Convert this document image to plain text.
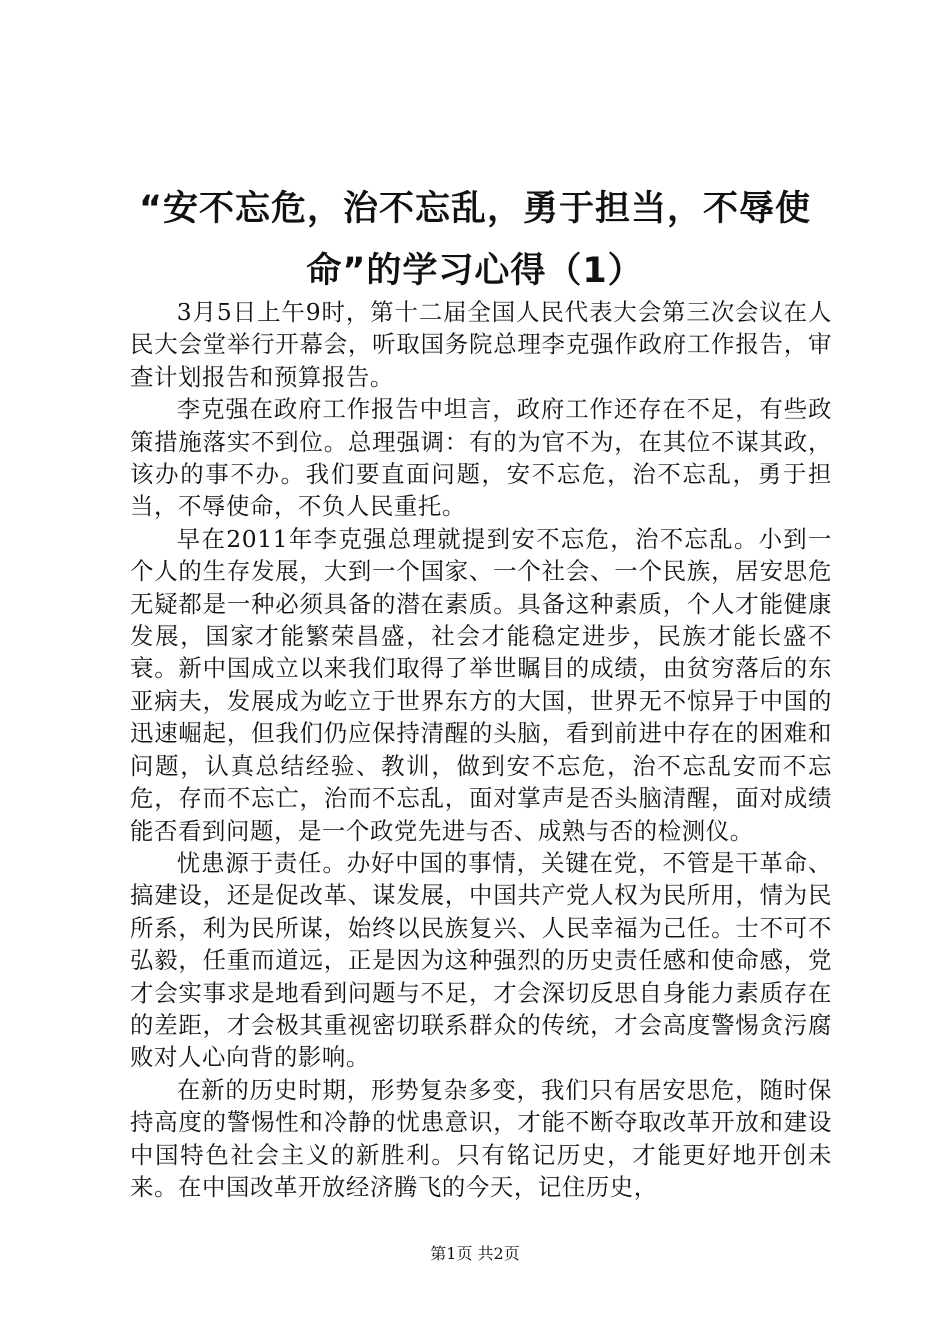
“安不忘危，治不忘乱，勇于担当，不辱使命”的学习心得（1）

3月5日上午9时，第十二届全国人民代表大会第三次会议在人民大会堂举行开幕会，听取国务院总理李克强作政府工作报告，审查计划报告和预算报告。

李克强在政府工作报告中坦言，政府工作还存在不足，有些政策措施落实不到位。总理强调：有的为官不为，在其位不谋其政，该办的事不办。我们要直面问题，安不忘危，治不忘乱，勇于担当，不辱使命，不负人民重托。

早在2011年李克强总理就提到安不忘危，治不忘乱。小到一个人的生存发展，大到一个国家、一个社会、一个民族，居安思危无疑都是一种必须具备的潜在素质。具备这种素质，个人才能健康发展，国家才能繁荣昌盛，社会才能稳定进步，民族才能长盛不衰。新中国成立以来我们取得了举世瞩目的成绩，由贫穷落后的东亚病夫，发展成为屹立于世界东方的大国，世界无不惊异于中国的迅速崛起，但我们仍应保持清醒的头脑，看到前进中存在的困难和问题，认真总结经验、教训，做到安不忘危，治不忘乱安而不忘危，存而不忘亡，治而不忘乱，面对掌声是否头脑清醒，面对成绩能否看到问题，是一个政党先进与否、成熟与否的检测仪。

忧患源于责任。办好中国的事情，关键在党，不管是干革命、搞建设，还是促改革、谋发展，中国共产党人权为民所用，情为民所系，利为民所谋，始终以民族复兴、人民幸福为己任。士不可不弘毅，任重而道远，正是因为这种强烈的历史责任感和使命感，党才会实事求是地看到问题与不足，才会深切反思自身能力素质存在的差距，才会极其重视密切联系群众的传统，才会高度警惕贪污腐败对人心向背的影响。

在新的历史时期，形势复杂多变，我们只有居安思危，随时保持高度的警惕性和冷静的忧患意识，才能不断夺取改革开放和建设中国特色社会主义的新胜利。只有铭记历史，才能更好地开创未来。在中国改革开放经济腾飞的今天，记住历史，

第1页 共2页
